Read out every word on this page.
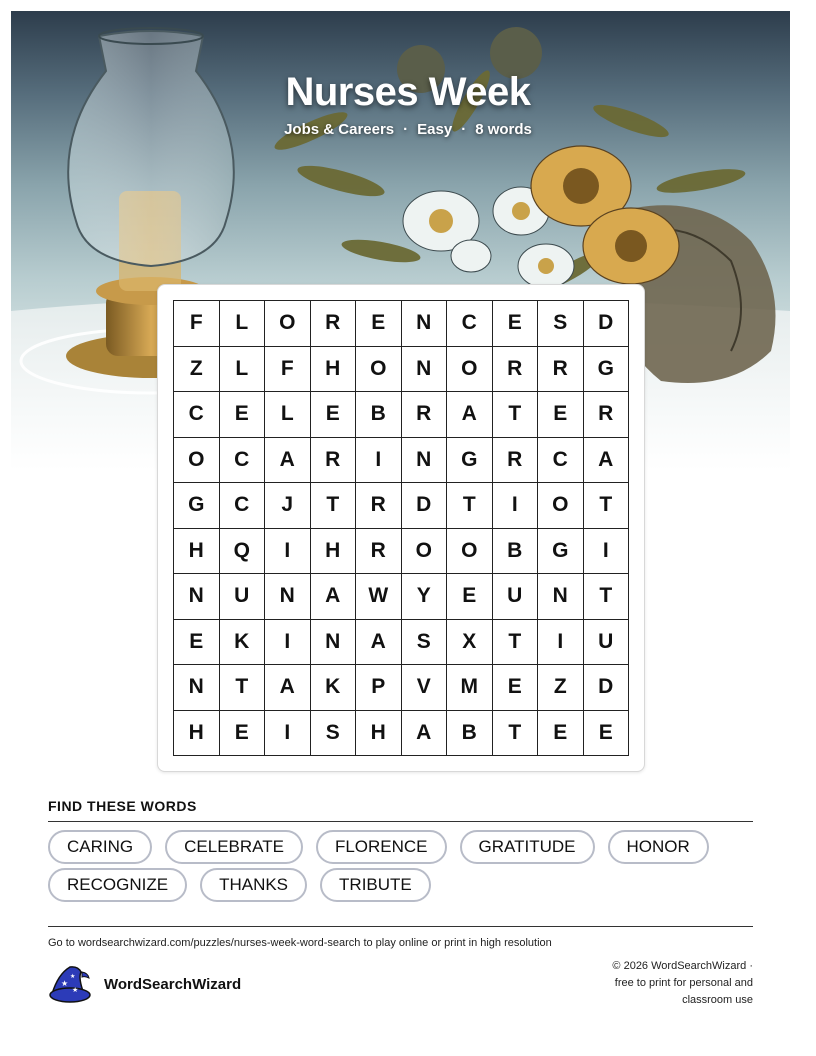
Nurses Week
Jobs & Careers · Easy · 8 words
F	L	O	R	E	N	C	E	S	D
Z	L	F	H	O	N	O	R	R	G
C	E	L	E	B	R	A	T	E	R
O	C	A	R	I	N	G	R	C	A
G	C	J	T	R	D	T	I	O	T
H	Q	I	H	R	O	O	B	G	I
N	U	N	A	W	Y	E	U	N	T
E	K	I	N	A	S	X	T	I	U
N	T	A	K	P	V	M	E	Z	D
H	E	I	S	H	A	B	T	E	E
FIND THESE WORDS
CARING	CELEBRATE	FLORENCE	GRATITUDE	HONOR
RECOGNIZE	THANKS	TRIBUTE
Go to wordsearchwizard.com/puzzles/nurses-week-word-search to play online or print in high resolution
★
★
★ WordSearchWizard
© 2026 WordSearchWizard ·
free to print for personal and
classroom use
